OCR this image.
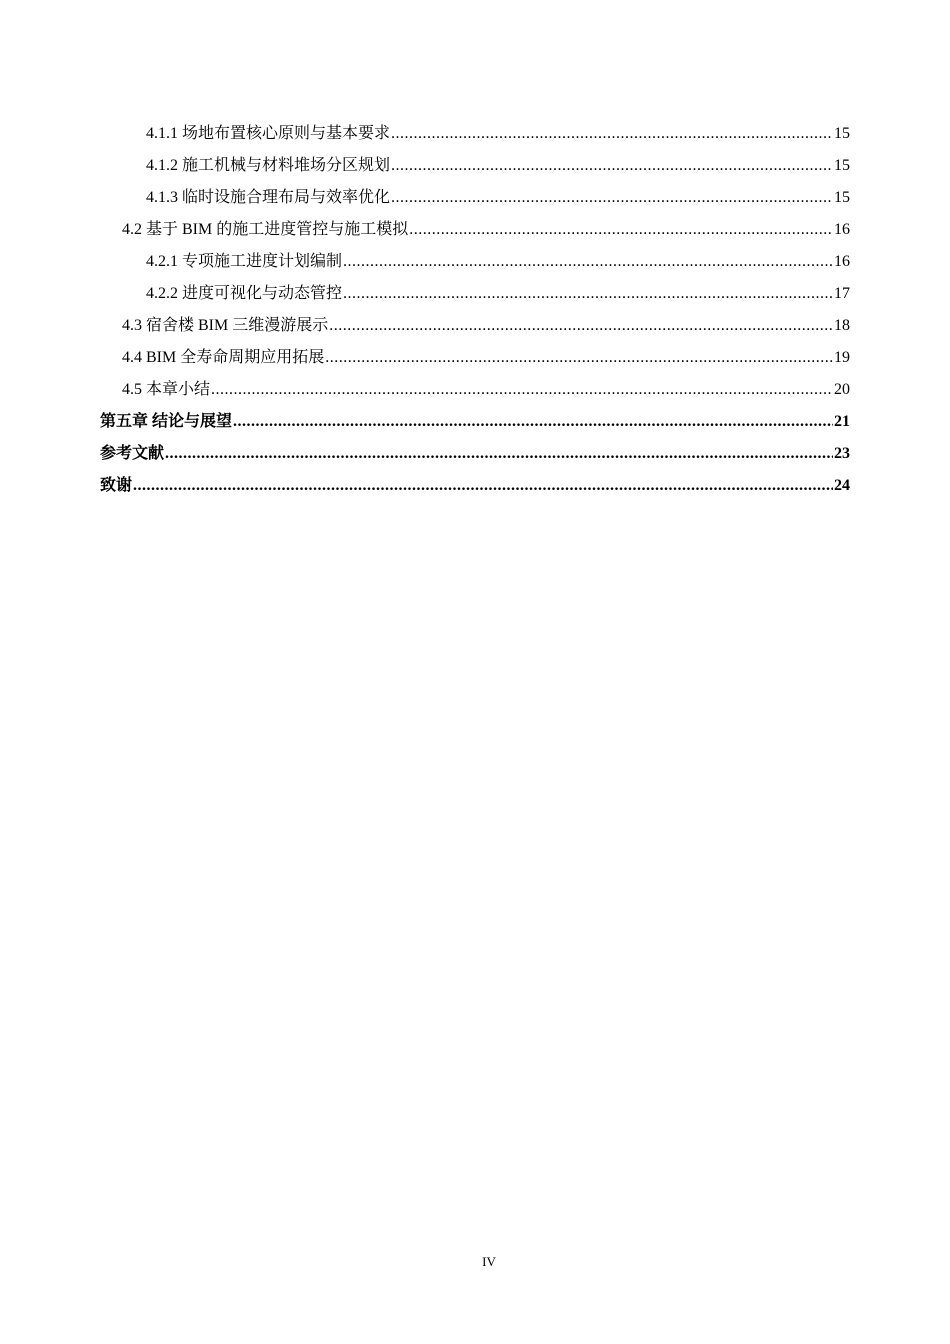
4.1.1 场地布置核心原则与基本要求 .....	15
4.1.2 施工机械与材料堆场分区规划 .....	15
4.1.3 临时设施合理布局与效率优化 .....	15
4.2 基于 BIM 的施工进度管控与施工模拟 .....	16
4.2.1 专项施工进度计划编制 .....	16
4.2.2 进度可视化与动态管控 .....	17
4.3 宿舍楼 BIM 三维漫游展示 .....	18
4.4 BIM 全寿命周期应用拓展 .....	19
4.5 本章小结 .....	20
第五章 结论与展望 .....	21
参考文献 .....	23
致谢 .....	24
IV
